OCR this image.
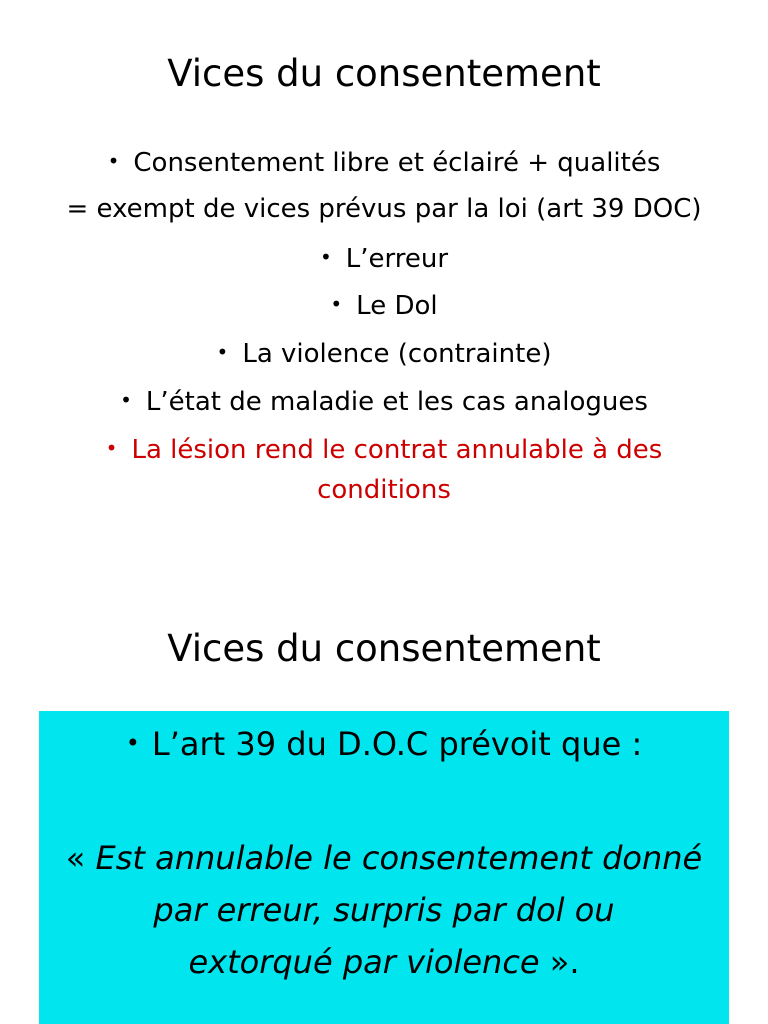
Vices du consentement
• Consentement libre et éclairé + qualités
= exempt de vices prévus par la loi (art 39 DOC)
• L’erreur
• Le Dol
• La violence (contrainte)
• L’état de maladie et les cas analogues
• La lésion rend le contrat annulable à des
conditions
Vices du consentement
• L’art 39 du D.O.C prévoit que :
« Est annulable le consentement donné
par erreur, surpris par dol ou
extorqué par violence ».
